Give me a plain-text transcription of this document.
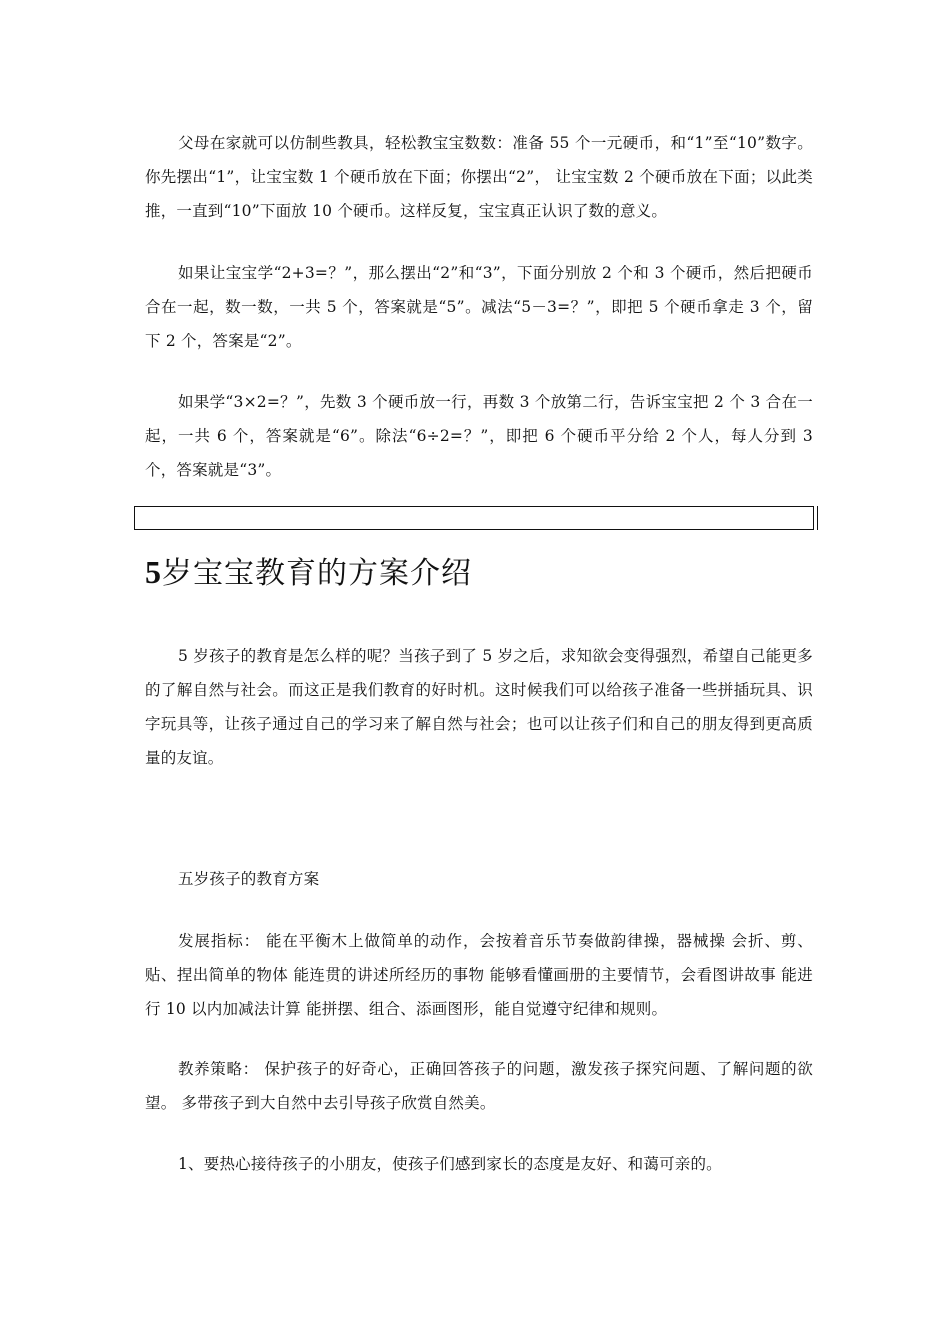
父母在家就可以仿制些教具，轻松教宝宝数数：准备 55 个一元硬币，和“1”至“10”数字。你先摆出“1”，让宝宝数 1 个硬币放在下面；你摆出“2”， 让宝宝数 2 个硬币放在下面；以此类推，一直到“10”下面放 10 个硬币。这样反复，宝宝真正认识了数的意义。

如果让宝宝学“2+3=？”，那么摆出“2”和“3”，下面分别放 2 个和 3 个硬币，然后把硬币合在一起，数一数，一共 5 个，答案就是“5”。减法“5－3=？”，即把 5 个硬币拿走 3 个，留下 2 个，答案是“2”。

如果学“3×2=？”，先数 3 个硬币放一行，再数 3 个放第二行，告诉宝宝把 2 个 3 合在一起，一共 6 个，答案就是“6”。除法“6÷2=？”，即把 6 个硬币平分给 2 个人，每人分到 3 个，答案就是“3”。

5岁宝宝教育的方案介绍

5 岁孩子的教育是怎么样的呢？当孩子到了 5 岁之后，求知欲会变得强烈，希望自己能更多的了解自然与社会。而这正是我们教育的好时机。这时候我们可以给孩子准备一些拼插玩具、识字玩具等，让孩子通过自己的学习来了解自然与社会；也可以让孩子们和自己的朋友得到更高质量的友谊。

五岁孩子的教育方案

发展指标： 能在平衡木上做简单的动作，会按着音乐节奏做韵律操，器械操 会折、剪、贴、捏出简单的物体 能连贯的讲述所经历的事物 能够看懂画册的主要情节，会看图讲故事 能进行 10 以内加减法计算 能拼摆、组合、添画图形，能自觉遵守纪律和规则。

教养策略： 保护孩子的好奇心，正确回答孩子的问题，激发孩子探究问题、了解问题的欲望。 多带孩子到大自然中去引导孩子欣赏自然美。

1、要热心接待孩子的小朋友，使孩子们感到家长的态度是友好、和蔼可亲的。
